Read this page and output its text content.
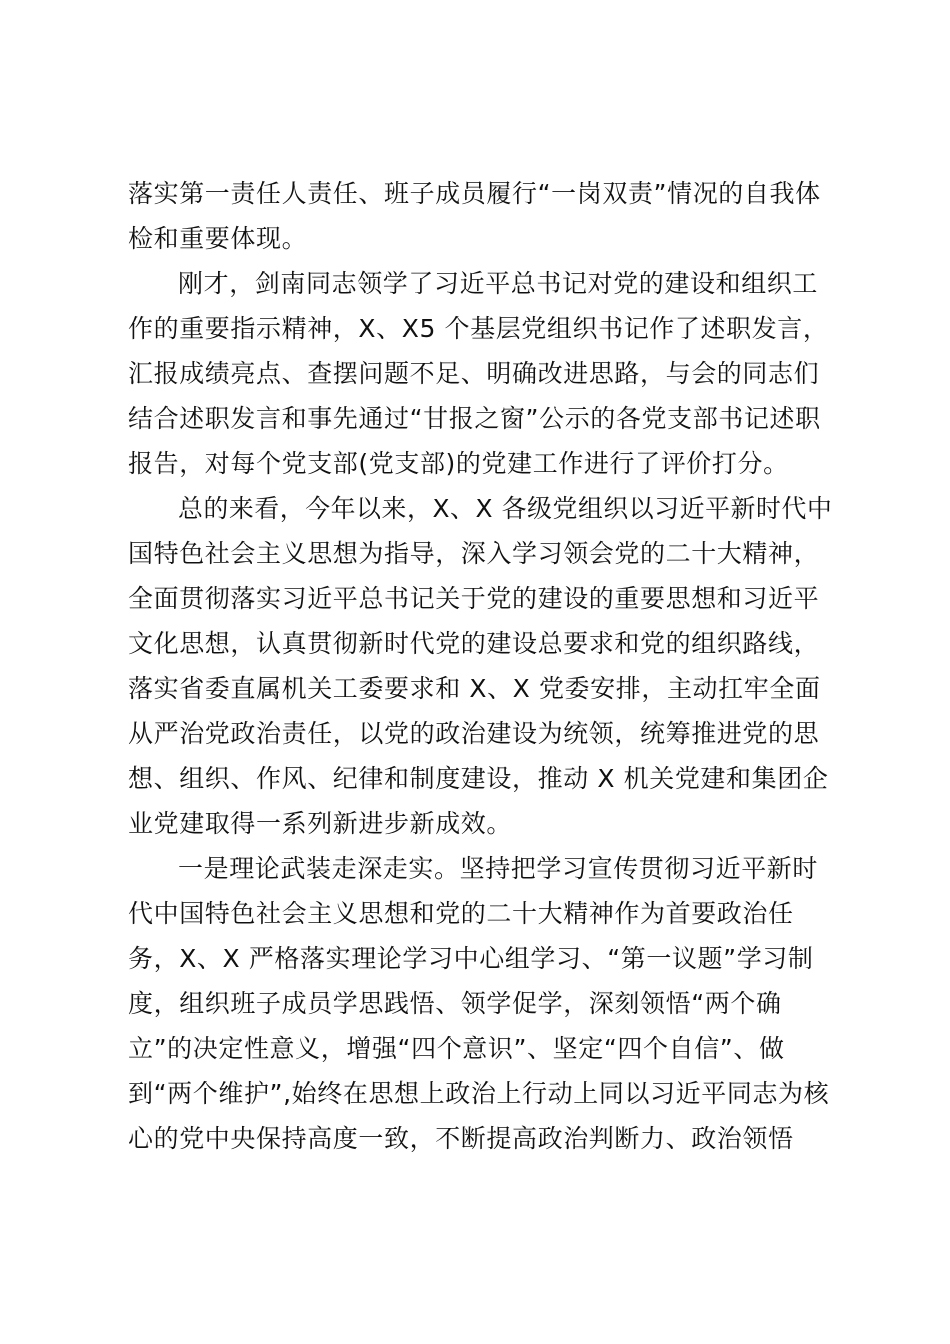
落实第一责任人责任、班子成员履行“一岗双责”情况的自我体
检和重要体现。
刚才，剑南同志领学了习近平总书记对党的建设和组织工
作的重要指示精神，X、X5 个基层党组织书记作了述职发言，
汇报成绩亮点、查摆问题不足、明确改进思路，与会的同志们
结合述职发言和事先通过“甘报之窗”公示的各党支部书记述职
报告，对每个党支部(党支部)的党建工作进行了评价打分。
总的来看，今年以来，X、X 各级党组织以习近平新时代中
国特色社会主义思想为指导，深入学习领会党的二十大精神，
全面贯彻落实习近平总书记关于党的建设的重要思想和习近平
文化思想，认真贯彻新时代党的建设总要求和党的组织路线，
落实省委直属机关工委要求和 X、X 党委安排，主动扛牢全面
从严治党政治责任，以党的政治建设为统领，统筹推进党的思
想、组织、作风、纪律和制度建设，推动 X 机关党建和集团企
业党建取得一系列新进步新成效。
一是理论武装走深走实。坚持把学习宣传贯彻习近平新时
代中国特色社会主义思想和党的二十大精神作为首要政治任
务，X、X 严格落实理论学习中心组学习、“第一议题”学习制
度，组织班子成员学思践悟、领学促学，深刻领悟“两个确
立”的决定性意义，增强“四个意识”、坚定“四个自信”、做
到“两个维护”,始终在思想上政治上行动上同以习近平同志为核
心的党中央保持高度一致，不断提高政治判断力、政治领悟
